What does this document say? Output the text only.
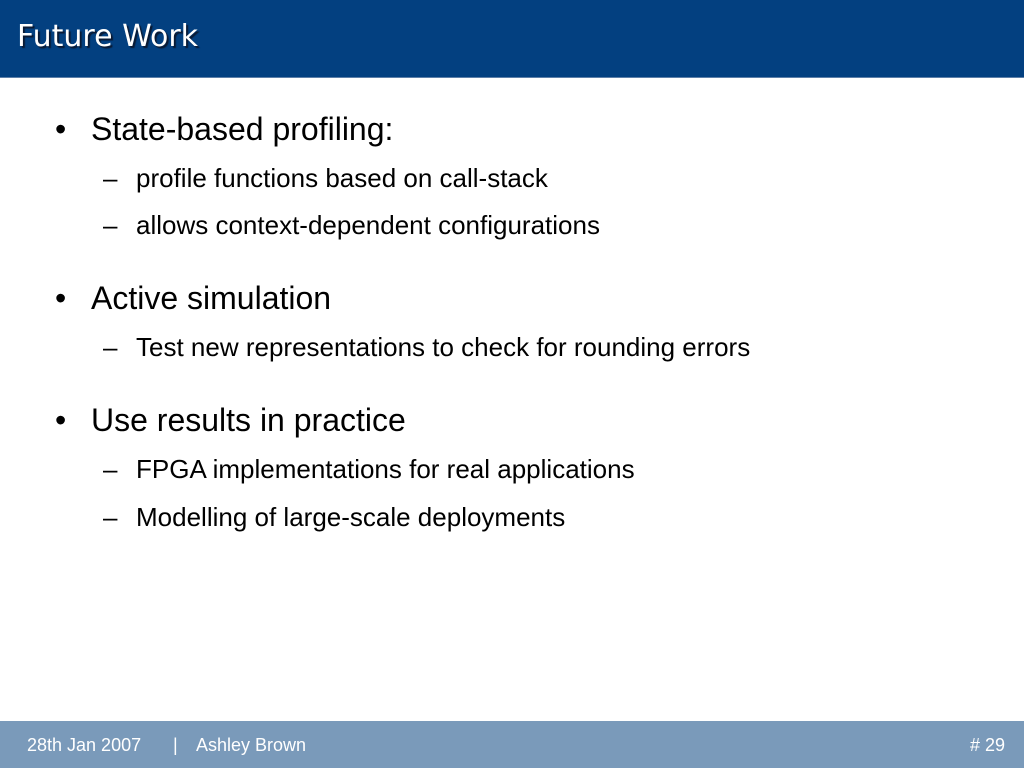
Future Work
• State-based profiling:
– profile functions based on call-stack
– allows context-dependent configurations
• Active simulation
– Test new representations to check for rounding errors
• Use results in practice
– FPGA implementations for real applications
– Modelling of large-scale deployments
28th Jan 2007 | Ashley Brown	# 29
